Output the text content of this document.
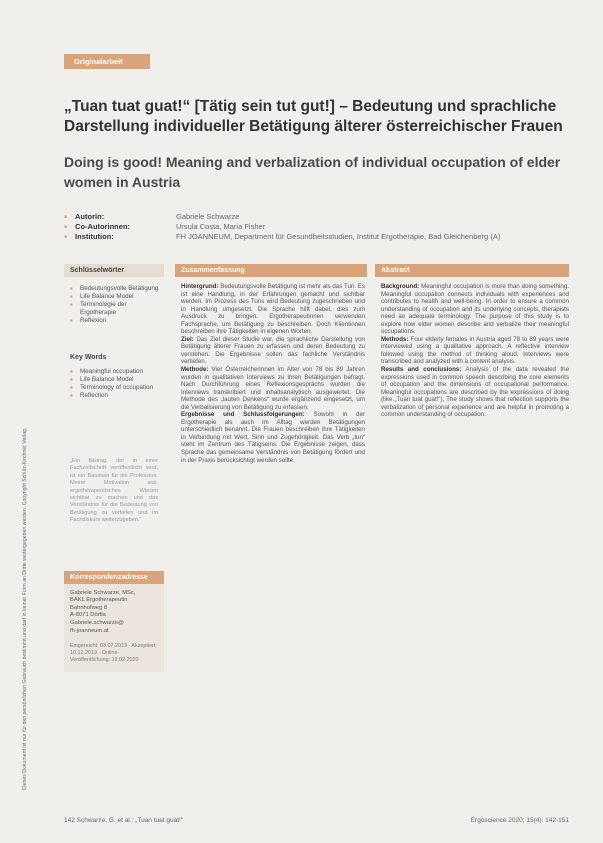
Originalarbeit
Dieses Dokument ist nur für den persönlichen Gebrauch bestimmt und darf in keiner Form an Dritte weitergegeben werden. Copyright Schulz-Kirchner Verlag
„Tuan tuat guat!“ [Tätig sein tut gut!] – Bedeutung und sprachliche Darstellung individueller Betätigung älterer österreichischer Frauen
Doing is good! Meaning and verbalization of individual occupation of elder women in Austria
■ Autorin:	Gabriele Schwarze
■ Co-Autorinnen:	Ursula Costa, Maria Fisher
■ Institution:	FH JOANNEUM, Department für Gesundheitsstudien, Institut Ergotherapie, Bad Gleichenberg (A)
Schlüsselwörter
■ Bedeutungsvolle Betätigung
■ Life Balance Model
■ Terminologie der Ergotherapie
■ Reflexion
Key Words
■ Meaningful occupation
■ Life Balance Model
■ Terminology of occupation
■ Reflection

„Ein Beitrag, der in einer Fachzeitschrift veröffentlicht wird, ist ein Baustein für die Profession. Meine Motivation war, ergotherapeutisches Wissen sichtbar zu machen und das Verständnis für die Bedeutung von Betätigung zu vertiefen und im Fachdiskurs weiterzugeben.“

Korrespondenzadresse
Gabriele Schwarze, MSc,
BAKL Ergotherapeutin
Bahnhofweg 8
A-8071 Dörfla
Gabriele.schwarze@
fh-joanneum.at
Eingereicht: 03.07.2019 · Akzeptiert: 10.12.2019 · Online-Veröffentlichung: 19.02.2020
Zusammenfassung

Hintergrund: Bedeutungsvolle Betätigung ist mehr als das Tun. Es ist eine Handlung, in der Erfahrungen gemacht und sichtbar werden. Im Prozess des Tuns wird Bedeutung zugeschrieben und in Handlung umgesetzt. Die Sprache hilft dabei, dies zum Ausdruck zu bringen. Ergotherapeutinnen verwenden Fachsprache, um Betätigung zu beschreiben. Doch Klientinnen beschreiben ihre Tätigkeiten in eigenen Worten.

Ziel: Das Ziel dieser Studie war, die sprachliche Darstellung von Betätigung älterer Frauen zu erfassen und deren Bedeutung zu verstehen. Die Ergebnisse sollen das fachliche Verständnis vertiefen.

Methode: Vier Österreicherinnen im Alter von 78 bis 89 Jahren wurden in qualitativen Interviews zu ihren Betätigungen befragt. Nach Durchführung eines Reflexionsgesprächs wurden die Interviews transkribiert und inhaltsanalytisch ausgewertet. Die Methode des „lauten Denkens“ wurde ergänzend eingesetzt, um die Verbalisierung von Betätigung zu erfassen.

Ergebnisse und Schlussfolgerungen: Sowohl in der Ergotherapie als auch im Alltag werden Betätigungen unterschiedlich benannt. Die Frauen beschreiben ihre Tätigkeiten in Verbindung mit Wert, Sinn und Zugehörigkeit. Das Verb „tun“ steht im Zentrum des Tätigseins. Die Ergebnisse zeigen, dass Sprache das gemeinsame Verständnis von Betätigung fördert und in der Praxis berücksichtigt werden sollte.

Abstract

Background: Meaningful occupation is more than doing something. Meaningful occupation connects individuals with experiences and contributes to health and well-being. In order to ensure a common understanding of occupation and its underlying concepts, therapists need an adequate terminology. The purpose of this study is to explore how elder women describe and verbalize their meaningful occupations.

Methods: Four elderly females in Austria aged 78 to 89 years were interviewed using a qualitative approach. A reflective interview followed using the method of thinking aloud. Interviews were transcribed and analyzed with a content analysis.

Results and conclusions: Analysis of the data revealed the expressions used in common speech describing the core elements of occupation and the dimensions of occupational performance. Meaningful occupations are described by the expressions of doing (like „Tuan tuat guat!“). The study shows that reflection supports the verbalization of personal experience and are helpful in promoting a common understanding of occupation.

142 Schwarze, G. et al.: „Tuan tuat guat!“	Ergoscience 2020; 15(4): 142-151
